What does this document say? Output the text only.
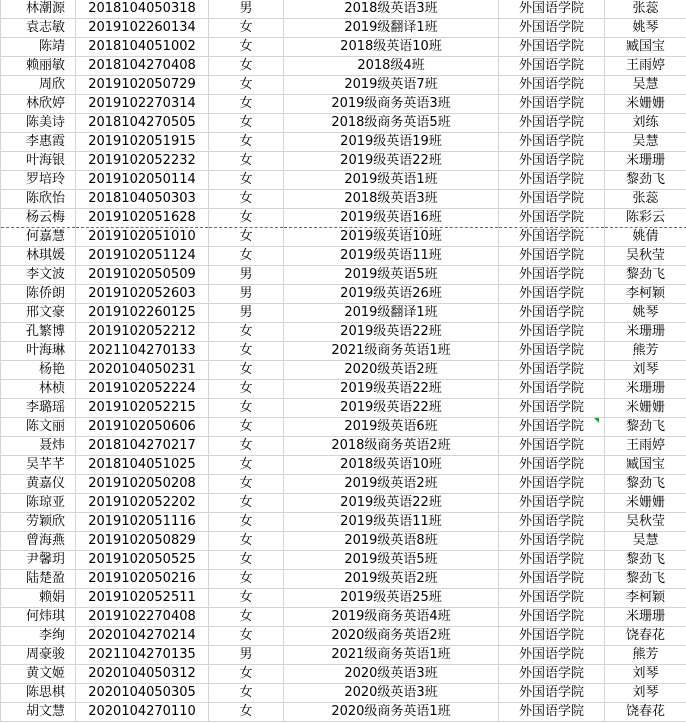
林潮源	2018104050318	男	2018级英语3班	外国语学院	张蕊
袁志敏	2019102260134	女	2019级翻译1班	外国语学院	姚琴
陈靖	2018104051002	女	2018级英语10班	外国语学院	臧国宝
赖丽敏	2018104270408	女	2018级4班	外国语学院	王雨婷
周欣	2019102050729	女	2019级英语7班	外国语学院	吴慧
林欣婷	2019102270314	女	2019级商务英语3班	外国语学院	米姗姗
陈美诗	2018104270505	女	2018级商务英语5班	外国语学院	刘练
李惠霞	2019102051915	女	2019级英语19班	外国语学院	吴慧
叶海银	2019102052232	女	2019级英语22班	外国语学院	米珊珊
罗培玲	2019102050114	女	2019级英语1班	外国语学院	黎劲飞
陈欣怡	2018104050303	女	2018级英语3班	外国语学院	张蕊
杨云梅	2019102051628	女	2019级英语16班	外国语学院	陈彩云
何嘉慧	2019102051010	女	2019级英语10班	外国语学院	姚倩
林琪媛	2019102051124	女	2019级英语11班	外国语学院	吴秋莹
李文波	2019102050509	男	2019级英语5班	外国语学院	黎劲飞
陈侨朗	2019102052603	男	2019级英语26班	外国语学院	李柯颖
邢文豪	2019102260125	男	2019级翻译1班	外国语学院	姚琴
孔繁博	2019102052212	女	2019级英语22班	外国语学院	米珊珊
叶海琳	2021104270133	女	2021级商务英语1班	外国语学院	熊芳
杨艳	2020104050231	女	2020级英语2班	外国语学院	刘琴
林桢	2019102052224	女	2019级英语22班	外国语学院	米珊珊
李璐瑶	2019102052215	女	2019级英语22班	外国语学院	米姗姗
陈文丽	2019102050606	女	2019级英语6班	外国语学院	黎劲飞
聂炜	2018104270217	女	2018级商务英语2班	外国语学院	王雨婷
吴芊芊	2018104051025	女	2018级英语10班	外国语学院	臧国宝
黄嘉仪	2019102050208	女	2019级英语2班	外国语学院	黎劲飞
陈琼亚	2019102052202	女	2019级英语22班	外国语学院	米姗姗
劳颖欣	2019102051116	女	2019级英语11班	外国语学院	吴秋莹
曾海燕	2019102050829	女	2019级英语8班	外国语学院	吴慧
尹馨玥	2019102050525	女	2019级英语5班	外国语学院	黎劲飞
陆楚盈	2019102050216	女	2019级英语2班	外国语学院	黎劲飞
赖娟	2019102052511	女	2019级英语25班	外国语学院	李柯颖
何炜琪	2019102270408	女	2019级商务英语4班	外国语学院	米珊珊
李绚	2020104270214	女	2020级商务英语2班	外国语学院	饶春花
周豪骏	2021104270135	男	2021级商务英语1班	外国语学院	熊芳
黄文姬	2020104050312	女	2020级英语3班	外国语学院	刘琴
陈思棋	2020104050305	女	2020级英语3班	外国语学院	刘琴
胡文慧	2020104270110	女	2020级商务英语1班	外国语学院	饶春花
